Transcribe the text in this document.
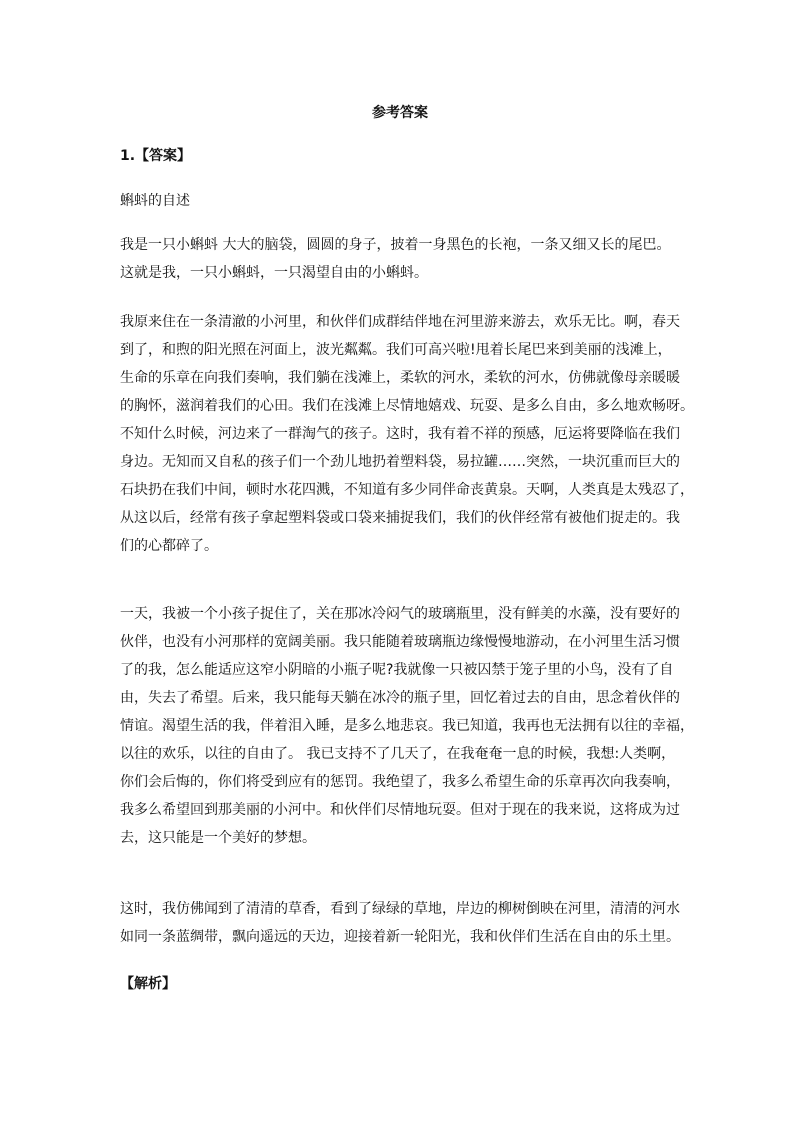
参考答案
1.【答案】
蝌蚪的自述
我是一只小蝌蚪 大大的脑袋，圆圆的身子，披着一身黑色的长袍，一条又细又长的尾巴。
这就是我，一只小蝌蚪，一只渴望自由的小蝌蚪。
我原来住在一条清澈的小河里，和伙伴们成群结伴地在河里游来游去，欢乐无比。啊，春天
到了，和煦的阳光照在河面上，波光粼粼。我们可高兴啦!甩着长尾巴来到美丽的浅滩上，
生命的乐章在向我们奏响，我们躺在浅滩上，柔软的河水，柔软的河水，仿佛就像母亲暖暖
的胸怀，滋润着我们的心田。我们在浅滩上尽情地嬉戏、玩耍、是多么自由，多么地欢畅呀。
不知什么时候，河边来了一群淘气的孩子。这时，我有着不祥的预感，厄运将要降临在我们
身边。无知而又自私的孩子们一个劲儿地扔着塑料袋，易拉罐……突然，一块沉重而巨大的
石块扔在我们中间，顿时水花四溅，不知道有多少同伴命丧黄泉。天啊，人类真是太残忍了，
从这以后，经常有孩子拿起塑料袋或口袋来捕捉我们，我们的伙伴经常有被他们捉走的。我
们的心都碎了。
一天，我被一个小孩子捉住了，关在那冰冷闷气的玻璃瓶里，没有鲜美的水藻，没有要好的
伙伴，也没有小河那样的宽阔美丽。我只能随着玻璃瓶边缘慢慢地游动，在小河里生活习惯
了的我，怎么能适应这窄小阴暗的小瓶子呢?我就像一只被囚禁于笼子里的小鸟，没有了自
由，失去了希望。后来，我只能每天躺在冰冷的瓶子里，回忆着过去的自由，思念着伙伴的
情谊。渴望生活的我，伴着泪入睡，是多么地悲哀。我已知道，我再也无法拥有以往的幸福，
以往的欢乐，以往的自由了。 我已支持不了几天了，在我奄奄一息的时候，我想:人类啊，
你们会后悔的，你们将受到应有的惩罚。我绝望了，我多么希望生命的乐章再次向我奏响，
我多么希望回到那美丽的小河中。和伙伴们尽情地玩耍。但对于现在的我来说，这将成为过
去，这只能是一个美好的梦想。
这时，我仿佛闻到了清清的草香，看到了绿绿的草地，岸边的柳树倒映在河里，清清的河水
如同一条蓝绸带，飘向遥远的天边，迎接着新一轮阳光，我和伙伴们生活在自由的乐土里。
【解析】
